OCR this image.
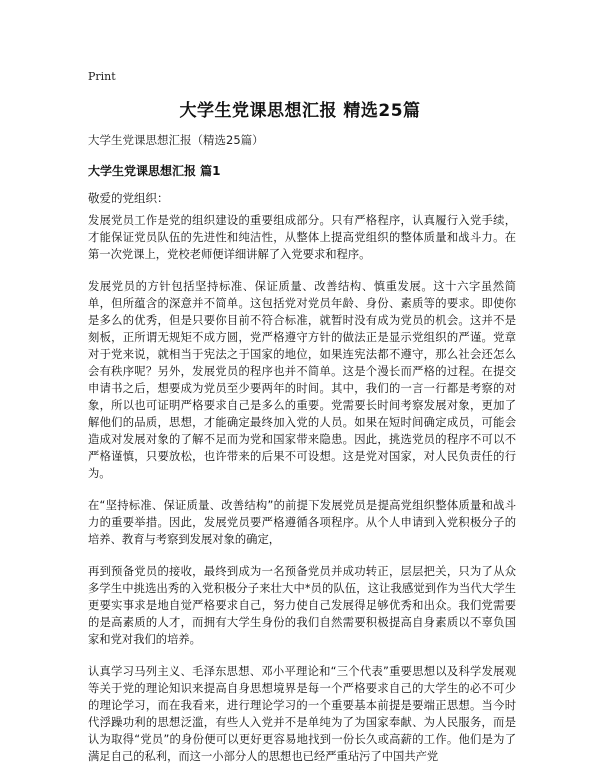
Print
大学生党课思想汇报 精选25篇
大学生党课思想汇报（精选25篇）
大学生党课思想汇报 篇1
敬爱的党组织：

发展党员工作是党的组织建设的重要组成部分。只有严格程序，认真履行入党手续，才能保证党员队伍的先进性和纯洁性，从整体上提高党组织的整体质量和战斗力。在第一次党课上，党校老师便详细讲解了入党要求和程序。

发展党员的方针包括坚持标准、保证质量、改善结构、慎重发展。这十六字虽然简单，但所蕴含的深意并不简单。这包括党对党员年龄、身份、素质等的要求。即使你是多么的优秀，但是只要你目前不符合标准，就暂时没有成为党员的机会。这并不是刻板，正所谓无规矩不成方圆，党严格遵守方针的做法正是显示党组织的严谨。党章对于党来说，就相当于宪法之于国家的地位，如果连宪法都不遵守，那么社会还怎么会有秩序呢？另外，发展党员的程序也并不简单。这是个漫长而严格的过程。在提交申请书之后，想要成为党员至少要两年的时间。其中，我们的一言一行都是考察的对象，所以也可证明严格要求自己是多么的重要。党需要长时间考察发展对象，更加了解他们的品质，思想，才能确定最终加入党的人员。如果在短时间确定成员，可能会造成对发展对象的了解不足而为党和国家带来隐患。因此，挑选党员的程序不可以不严格谨慎，只要放松，也许带来的后果不可设想。这是党对国家，对人民负责任的行为。

在“坚持标准、保证质量、改善结构”的前提下发展党员是提高党组织整体质量和战斗力的重要举措。因此，发展党员要严格遵循各项程序。从个人申请到入党积极分子的培养、教育与考察到发展对象的确定，

再到预备党员的接收，最终到成为一名预备党员并成功转正，层层把关，只为了从众多学生中挑选出秀的入党积极分子来壮大中*员的队伍，这让我感觉到作为当代大学生更要实事求是地自觉严格要求自己，努力使自己发展得足够优秀和出众。我们党需要的是高素质的人才，而拥有大学生身份的我们自然需要积极提高自身素质以不辜负国家和党对我们的培养。

认真学习马列主义、毛泽东思想、邓小平理论和“三个代表”重要思想以及科学发展观等关于党的理论知识来提高自身思想境界是每一个严格要求自己的大学生的必不可少的理论学习，而在我看来，进行理论学习的一个重要基本前提是要端正思想。当今时代浮躁功利的思想泛滥，有些人入党并不是单纯为了为国家奉献、为人民服务，而是认为取得“党员”的身份便可以更好更容易地找到一份长久或高薪的工作。他们是为了满足自己的私利，而这一小部分人的思想也已经严重玷污了中国共产党
